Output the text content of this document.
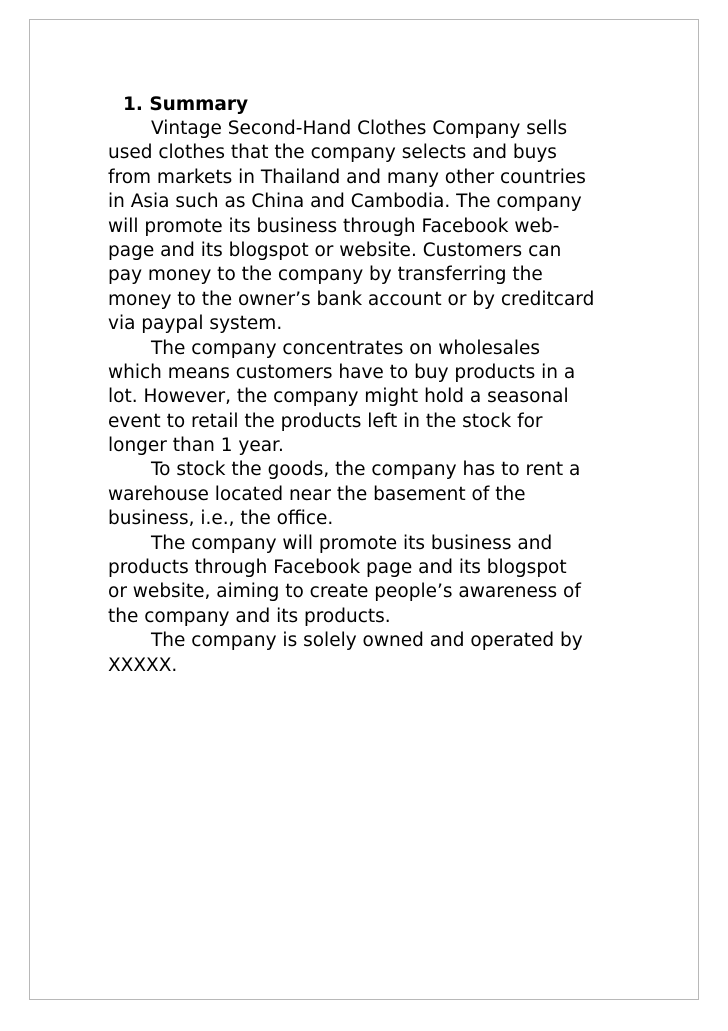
1. Summary
Vintage Second-Hand Clothes Company sells
used clothes that the company selects and buys
from markets in Thailand and many other countries
in Asia such as China and Cambodia. The company
will promote its business through Facebook web-
page and its blogspot or website. Customers can
pay money to the company by transferring the
money to the owner’s bank account or by creditcard
via paypal system.
The company concentrates on wholesales
which means customers have to buy products in a
lot. However, the company might hold a seasonal
event to retail the products left in the stock for
longer than 1 year.
To stock the goods, the company has to rent a
warehouse located near the basement of the
business, i.e., the office.
The company will promote its business and
products through Facebook page and its blogspot
or website, aiming to create people’s awareness of
the company and its products.
The company is solely owned and operated by
XXXXX.
